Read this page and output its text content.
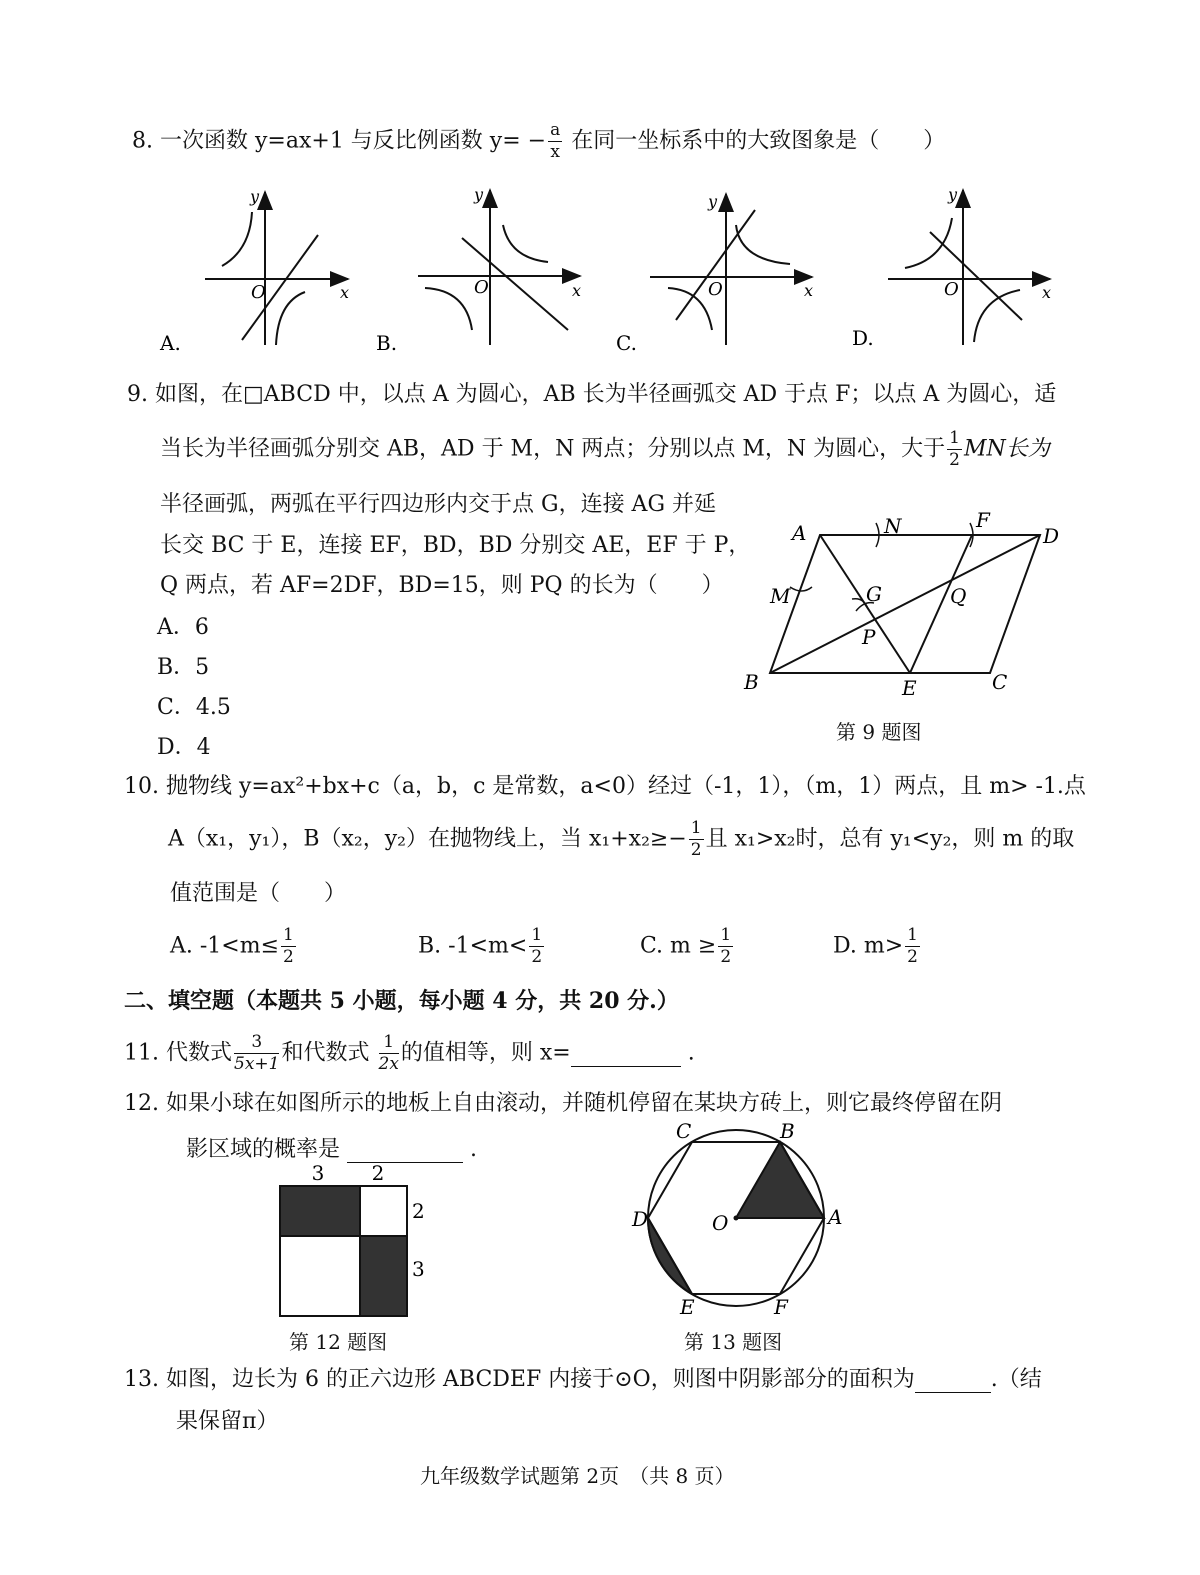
8. 一次函数 y=ax+1 与反比例函数 $y= - \frac{a}{x}$ 在同一坐标系中的大致图象是（　　）
O	x
y
A.
O	x
y
B.
O	x
y
C.
O	x
y
D.
9. 如图，在□ABCD 中，以点 A 为圆心，AB 长为半径画弧交 AD 于点 F；以点 A 为圆心，适
当长为半径画弧分别交 AB，AD 于 M，N 两点；分别以点 M，N 为圆心，大于 $\frac{1}{2}$ MN长为
半径画弧，两弧在平行四边形内交于点 G，连接 AG 并延
长交 BC 于 E，连接 EF，BD，BD 分别交 AE，EF 于 P，
Q 两点，若 AF=2DF，BD=15，则 PQ 的长为（　　）
A．6
B．5
C．4.5
D．4
A	D
C
B	E
F
N
M	G	Q
P
第 9 题图
10. 抛物线 y=ax²+bx+c（a，b，c 是常数，a<0）经过（-1，1），（m，1）两点，且 m> -1.点
A（x₁，y₁），B（x₂，y₂）在抛物线上，当 $x_1+x_2\ge- \frac{1}{2}$ 且 x₁>x₂时，总有 y₁<y₂，则 m 的取
值范围是（　　）
A. $-1<m\le \frac{1}{2}$	B. $-1<m< \frac{1}{2}$	C. $m \ge \frac{1}{2}$	D. $m> \frac{1}{2}$
二、填空题（本题共 5 小题，每小题 4 分，共 20 分.）
11. 代数式 $\frac{3}{5x+1}$ 和代数式 $\frac{1}{2x}$ 的值相等，则 x=	.
12. 如果小球在如图所示的地板上自由滚动，并随机停留在某块方砖上，则它最终停留在阴
影区域的概率是	.
3 2
2
3
第 12 题图
A
B
C
D
E	F
O
第 13 题图
13. 如图，边长为 6 的正六边形 ABCDEF 内接于⊙O，则图中阴影部分的面积为	.（结
果保留π）
九年级数学试题第 2页　（共 8 页）
